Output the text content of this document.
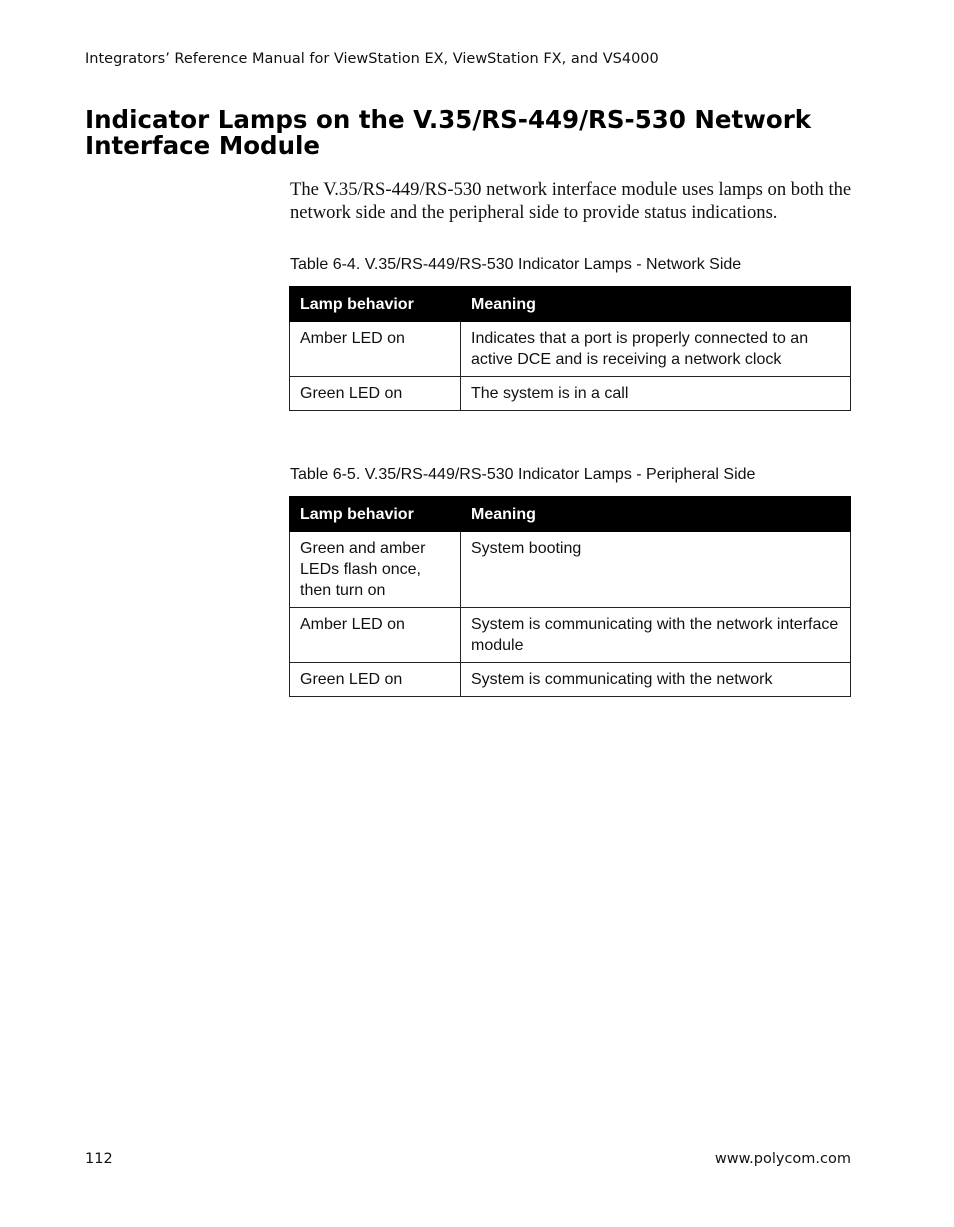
Integrators’ Reference Manual for ViewStation EX, ViewStation FX, and VS4000
Indicator Lamps on the V.35/RS-449/RS-530 Network Interface Module

The V.35/RS-449/RS-530 network interface module uses lamps on both the network side and the peripheral side to provide status indications.

Table 6-4. V.35/RS-449/RS-530 Indicator Lamps - Network Side
Lamp behavior	Meaning
Amber LED on	Indicates that a port is properly connected to an active DCE and is receiving a network clock
Green LED on	The system is in a call
Table 6-5. V.35/RS-449/RS-530 Indicator Lamps - Peripheral Side
Lamp behavior	Meaning
Green and amber LEDs flash once, then turn on	System booting
Amber LED on	System is communicating with the network interface module
Green LED on	System is communicating with the network
112	www.polycom.com
